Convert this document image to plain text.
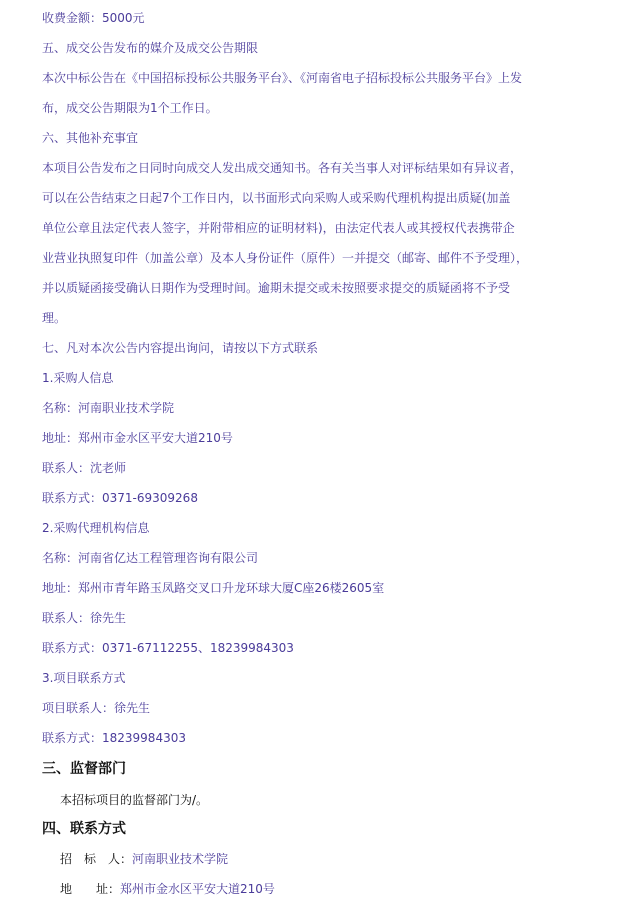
收费金额：5000元
五、成交公告发布的媒介及成交公告期限
本次中标公告在《中国招标投标公共服务平台》、《河南省电子招标投标公共服务平台》上发
布，成交公告期限为1个工作日。
六、其他补充事宜
本项目公告发布之日同时向成交人发出成交通知书。各有关当事人对评标结果如有异议者，
可以在公告结束之日起7个工作日内，以书面形式向采购人或采购代理机构提出质疑(加盖
单位公章且法定代表人签字，并附带相应的证明材料)，由法定代表人或其授权代表携带企
业营业执照复印件（加盖公章）及本人身份证件（原件）一并提交（邮寄、邮件不予受理），
并以质疑函接受确认日期作为受理时间。逾期未提交或未按照要求提交的质疑函将不予受
理。
七、凡对本次公告内容提出询问，请按以下方式联系
1.采购人信息
名称：河南职业技术学院
地址：郑州市金水区平安大道210号
联系人：沈老师
联系方式：0371-69309268
2.采购代理机构信息
名称：河南省亿达工程管理咨询有限公司
地址：郑州市青年路玉凤路交叉口升龙环球大厦C座26楼2605室
联系人：徐先生
联系方式：0371-67112255、18239984303
3.项目联系方式
项目联系人：徐先生
联系方式：18239984303
三、监督部门
本招标项目的监督部门为/。
四、联系方式
招　标　人：河南职业技术学院
地　　址：郑州市金水区平安大道210号
